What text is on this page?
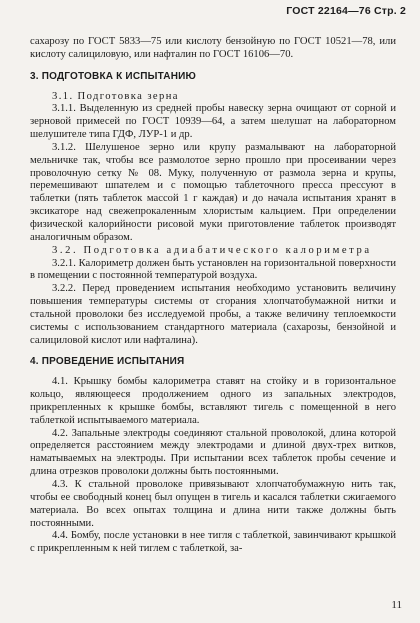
ГОСТ 22164—76 Стр. 2

сахарозу по ГОСТ 5833—75 или кислоту бензойную по ГОСТ 10521—78, или кислоту салициловую, или нафталин по ГОСТ 16106—70.

3. ПОДГОТОВКА К ИСПЫТАНИЮ

3.1. Подготовка зерна

3.1.1. Выделенную из средней пробы навеску зерна очищают от сорной и зерновой примесей по ГОСТ 10939—64, а затем шелушат на лабораторном шелушителе типа ГДФ, ЛУР-1 и др.

3.1.2. Шелушеное зерно или крупу размалывают на лабораторной мельничке так, чтобы все размолотое зерно прошло при просеивании через проволочную сетку № 08. Муку, полученную от размола зерна и крупы, перемешивают шпателем и с помощью таблеточного пресса прессуют в таблетки (пять таблеток массой 1 г каждая) и до начала испытания хранят в эксикаторе над свежепрокаленным хлористым кальцием. При определении физической калорийности рисовой муки приготовление таблеток производят аналогичным образом.

3.2. Подготовка адиабатического калориметра

3.2.1. Калориметр должен быть установлен на горизонтальной поверхности в помещении с постоянной температурой воздуха.

3.2.2. Перед проведением испытания необходимо установить величину повышения температуры системы от сгорания хлопчатобумажной нитки и стальной проволоки без исследуемой пробы, а также величину теплоемкости системы с использованием стандартного материала (сахарозы, бензойной и салициловой кислот или нафталина).

4. ПРОВЕДЕНИЕ ИСПЫТАНИЯ

4.1. Крышку бомбы калориметра ставят на стойку и в горизонтальное кольцо, являющееся продолжением одного из запальных электродов, прикрепленных к крышке бомбы, вставляют тигель с помещенной в него таблеткой испытываемого материала.

4.2. Запальные электроды соединяют стальной проволокой, длина которой определяется расстоянием между электродами и длиной двух-трех витков, наматываемых на электроды. При испытании всех таблеток пробы сечение и длина отрезков проволоки должны быть постоянными.

4.3. К стальной проволоке привязывают хлопчатобумажную нить так, чтобы ее свободный конец был опущен в тигель и касался таблетки сжигаемого материала. Во всех опытах толщина и длина нити также должны быть постоянными.

4.4. Бомбу, после установки в нее тигля с таблеткой, завинчивают крышкой с прикрепленным к ней тиглем с таблеткой, за-

11
